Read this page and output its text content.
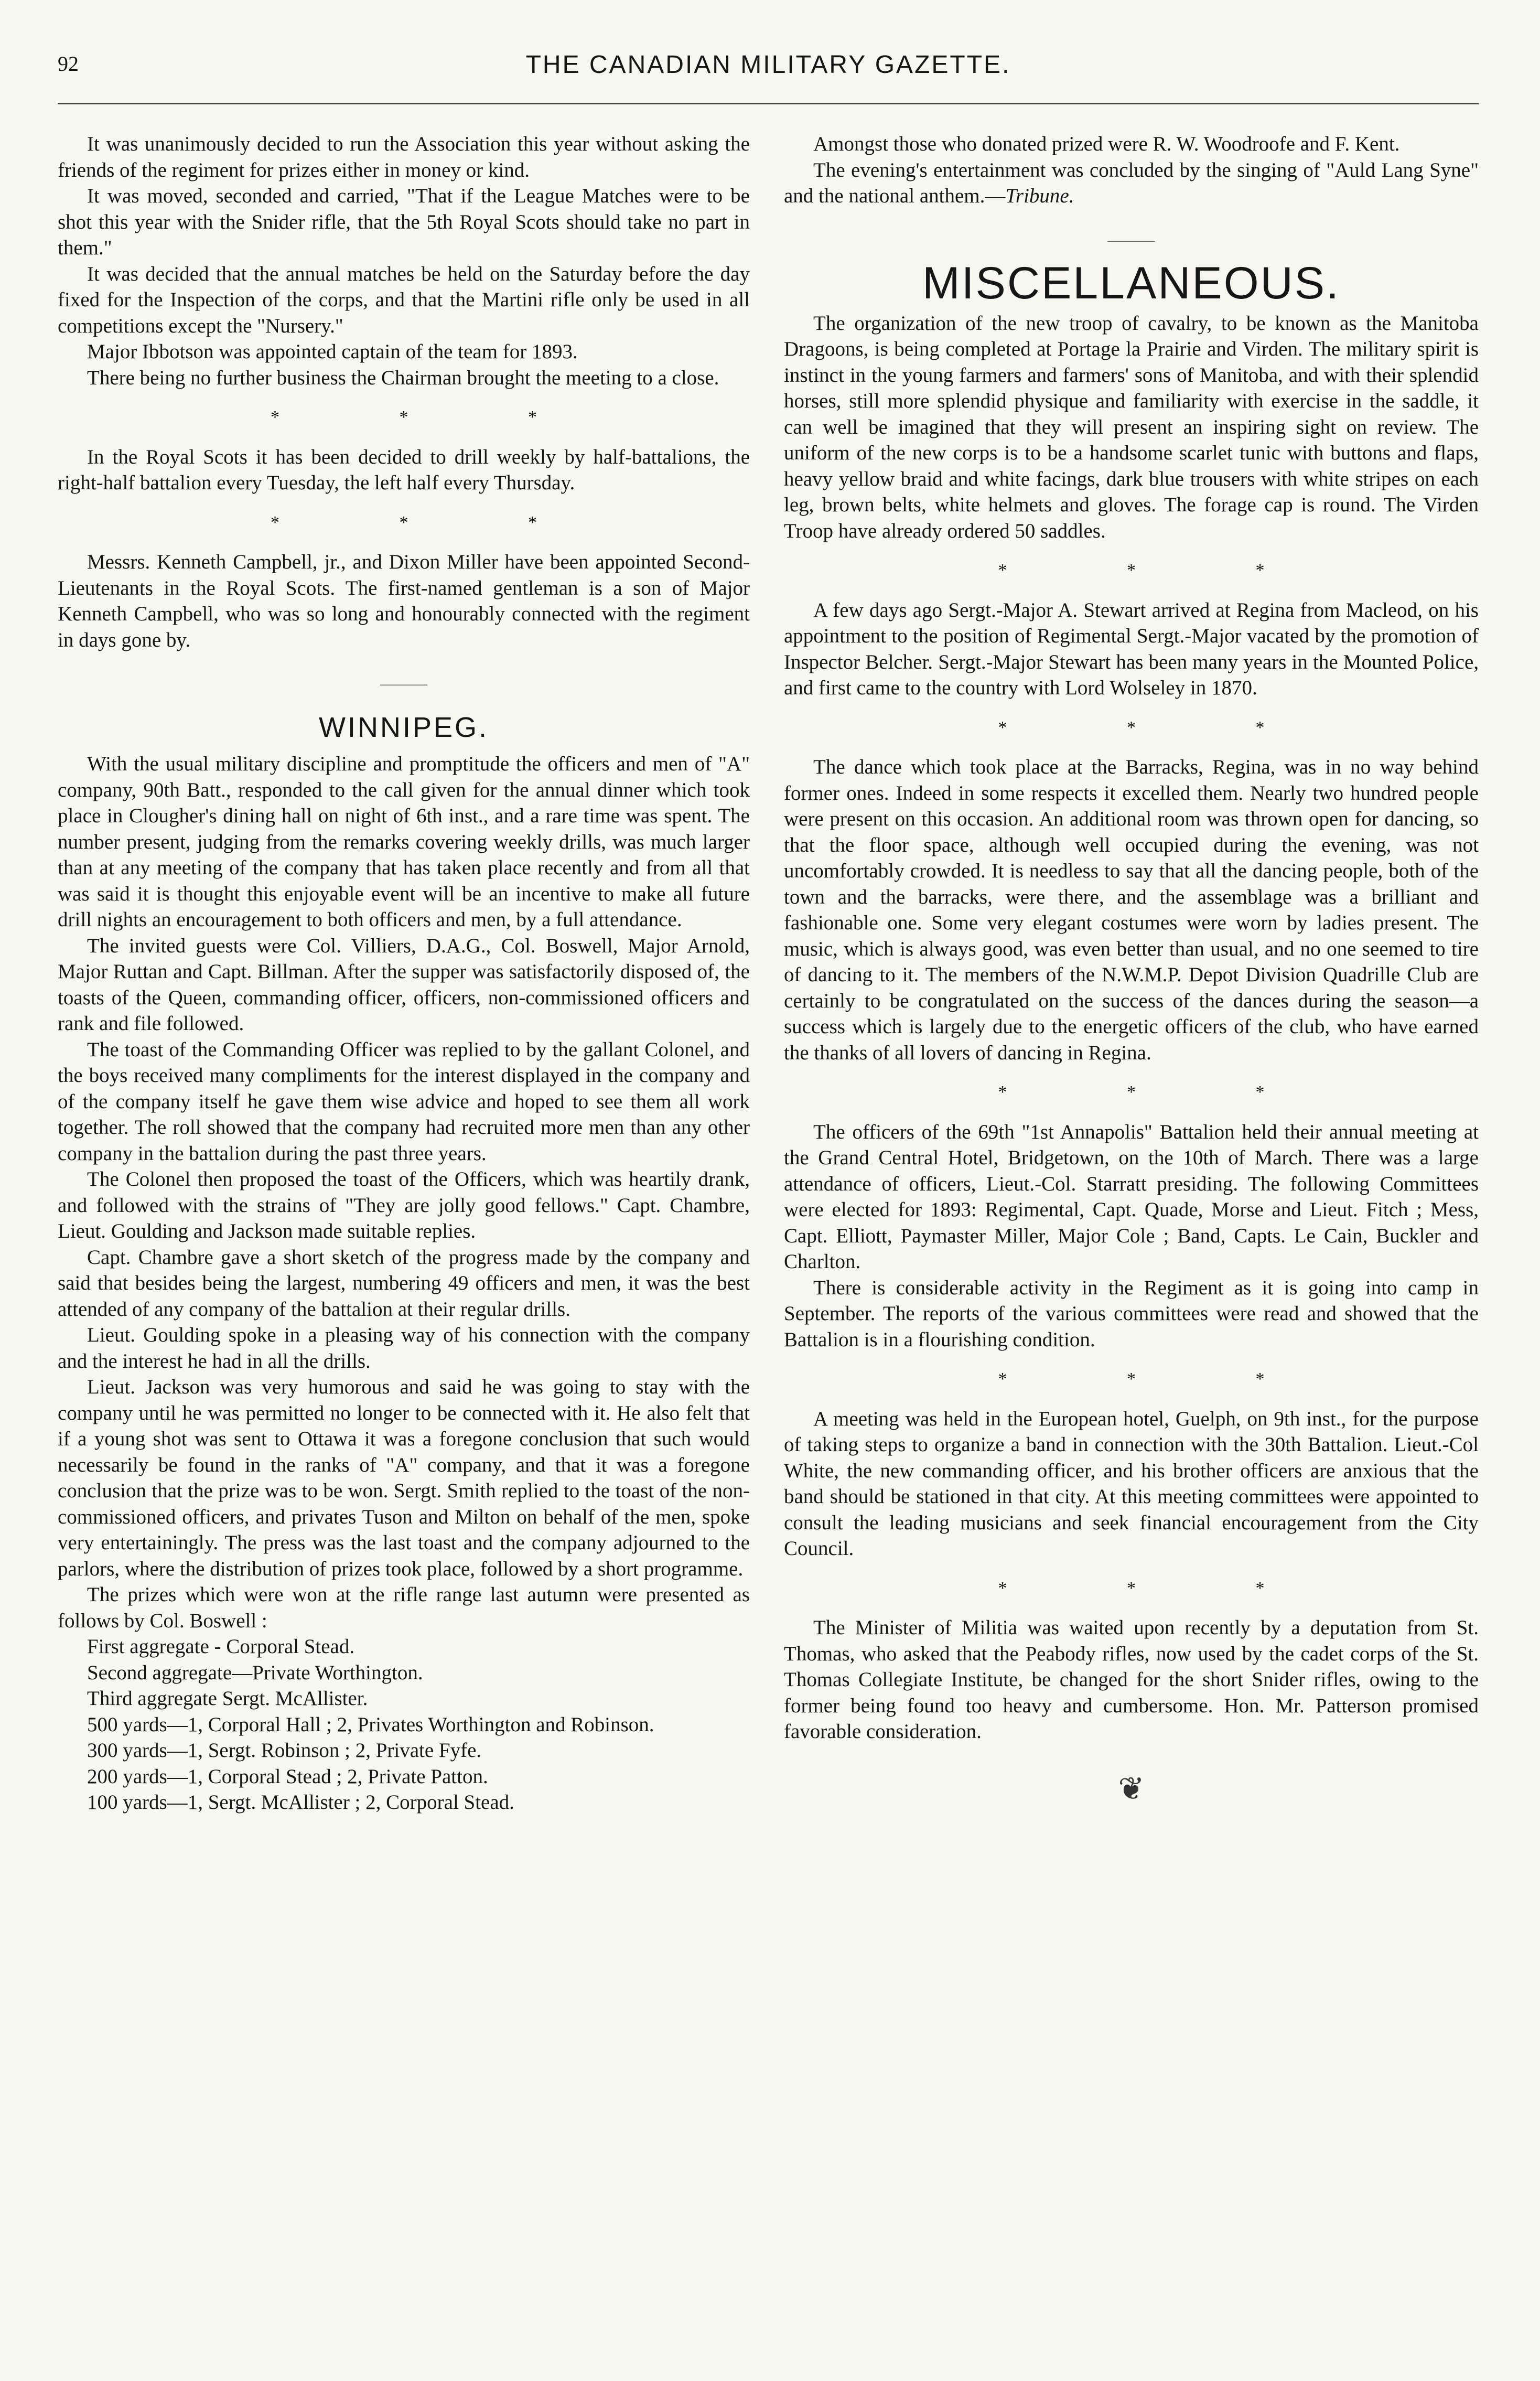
92	THE CANADIAN MILITARY GAZETTE.

It was unanimously decided to run the Association this year without asking the friends of the regiment for prizes either in money or kind.

It was moved, seconded and carried, "That if the League Matches were to be shot this year with the Snider rifle, that the 5th Royal Scots should take no part in them."

It was decided that the annual matches be held on the Saturday before the day fixed for the Inspection of the corps, and that the Martini rifle only be used in all competitions except the "Nursery."

Major Ibbotson was appointed captain of the team for 1893.

There being no further business the Chairman brought the meeting to a close.

* * *

In the Royal Scots it has been decided to drill weekly by half-battalions, the right-half battalion every Tuesday, the left half every Thursday.

* * *

Messrs. Kenneth Campbell, jr., and Dixon Miller have been appointed Second-Lieutenants in the Royal Scots. The first-named gentleman is a son of Major Kenneth Campbell, who was so long and honourably connected with the regiment in days gone by.

———
WINNIPEG.

With the usual military discipline and promptitude the officers and men of "A" company, 90th Batt., responded to the call given for the annual dinner which took place in Clougher's dining hall on night of 6th inst., and a rare time was spent. The number present, judging from the remarks covering weekly drills, was much larger than at any meeting of the company that has taken place recently and from all that was said it is thought this enjoyable event will be an incentive to make all future drill nights an encouragement to both officers and men, by a full attendance.

The invited guests were Col. Villiers, D.A.G., Col. Boswell, Major Arnold, Major Ruttan and Capt. Billman. After the supper was satisfactorily disposed of, the toasts of the Queen, commanding officer, officers, non-commissioned officers and rank and file followed.

The toast of the Commanding Officer was replied to by the gallant Colonel, and the boys received many compliments for the interest displayed in the company and of the company itself he gave them wise advice and hoped to see them all work together. The roll showed that the company had recruited more men than any other company in the battalion during the past three years.

The Colonel then proposed the toast of the Officers, which was heartily drank, and followed with the strains of "They are jolly good fellows." Capt. Chambre, Lieut. Goulding and Jackson made suitable replies.

Capt. Chambre gave a short sketch of the progress made by the company and said that besides being the largest, numbering 49 officers and men, it was the best attended of any company of the battalion at their regular drills.

Lieut. Goulding spoke in a pleasing way of his connection with the company and the interest he had in all the drills.

Lieut. Jackson was very humorous and said he was going to stay with the company until he was permitted no longer to be connected with it. He also felt that if a young shot was sent to Ottawa it was a foregone conclusion that such would necessarily be found in the ranks of "A" company, and that it was a foregone conclusion that the prize was to be won. Sergt. Smith replied to the toast of the non-commissioned officers, and privates Tuson and Milton on behalf of the men, spoke very entertainingly. The press was the last toast and the company adjourned to the parlors, where the distribution of prizes took place, followed by a short programme.

The prizes which were won at the rifle range last autumn were presented as follows by Col. Boswell :

First aggregate - Corporal Stead.

Second aggregate—Private Worthington.

Third aggregate Sergt. McAllister.

500 yards—1, Corporal Hall ; 2, Privates Worthington and Robinson.

300 yards—1, Sergt. Robinson ; 2, Private Fyfe.

200 yards—1, Corporal Stead ; 2, Private Patton.

100 yards—1, Sergt. McAllister ; 2, Corporal Stead.

Amongst those who donated prized were R. W. Woodroofe and F. Kent.

The evening's entertainment was concluded by the singing of "Auld Lang Syne" and the national anthem.—Tribune.

———
MISCELLANEOUS.

The organization of the new troop of cavalry, to be known as the Manitoba Dragoons, is being completed at Portage la Prairie and Virden. The military spirit is instinct in the young farmers and farmers' sons of Manitoba, and with their splendid horses, still more splendid physique and familiarity with exercise in the saddle, it can well be imagined that they will present an inspiring sight on review. The uniform of the new corps is to be a handsome scarlet tunic with buttons and flaps, heavy yellow braid and white facings, dark blue trousers with white stripes on each leg, brown belts, white helmets and gloves. The forage cap is round. The Virden Troop have already ordered 50 saddles.

* * *

A few days ago Sergt.-Major A. Stewart arrived at Regina from Macleod, on his appointment to the position of Regimental Sergt.-Major vacated by the promotion of Inspector Belcher. Sergt.-Major Stewart has been many years in the Mounted Police, and first came to the country with Lord Wolseley in 1870.

* * *

The dance which took place at the Barracks, Regina, was in no way behind former ones. Indeed in some respects it excelled them. Nearly two hundred people were present on this occasion. An additional room was thrown open for dancing, so that the floor space, although well occupied during the evening, was not uncomfortably crowded. It is needless to say that all the dancing people, both of the town and the barracks, were there, and the assemblage was a brilliant and fashionable one. Some very elegant costumes were worn by ladies present. The music, which is always good, was even better than usual, and no one seemed to tire of dancing to it. The members of the N.W.M.P. Depot Division Quadrille Club are certainly to be congratulated on the success of the dances during the season—a success which is largely due to the energetic officers of the club, who have earned the thanks of all lovers of dancing in Regina.

* * *

The officers of the 69th "1st Annapolis" Battalion held their annual meeting at the Grand Central Hotel, Bridgetown, on the 10th of March. There was a large attendance of officers, Lieut.-Col. Starratt presiding. The following Committees were elected for 1893: Regimental, Capt. Quade, Morse and Lieut. Fitch ; Mess, Capt. Elliott, Paymaster Miller, Major Cole ; Band, Capts. Le Cain, Buckler and Charlton.

There is considerable activity in the Regiment as it is going into camp in September. The reports of the various committees were read and showed that the Battalion is in a flourishing condition.

* * *

A meeting was held in the European hotel, Guelph, on 9th inst., for the purpose of taking steps to organize a band in connection with the 30th Battalion. Lieut.-Col White, the new commanding officer, and his brother officers are anxious that the band should be stationed in that city. At this meeting committees were appointed to consult the leading musicians and seek financial encouragement from the City Council.

* * *

The Minister of Militia was waited upon recently by a deputation from St. Thomas, who asked that the Peabody rifles, now used by the cadet corps of the St. Thomas Collegiate Institute, be changed for the short Snider rifles, owing to the former being found too heavy and cumbersome. Hon. Mr. Patterson promised favorable consideration.

❦
